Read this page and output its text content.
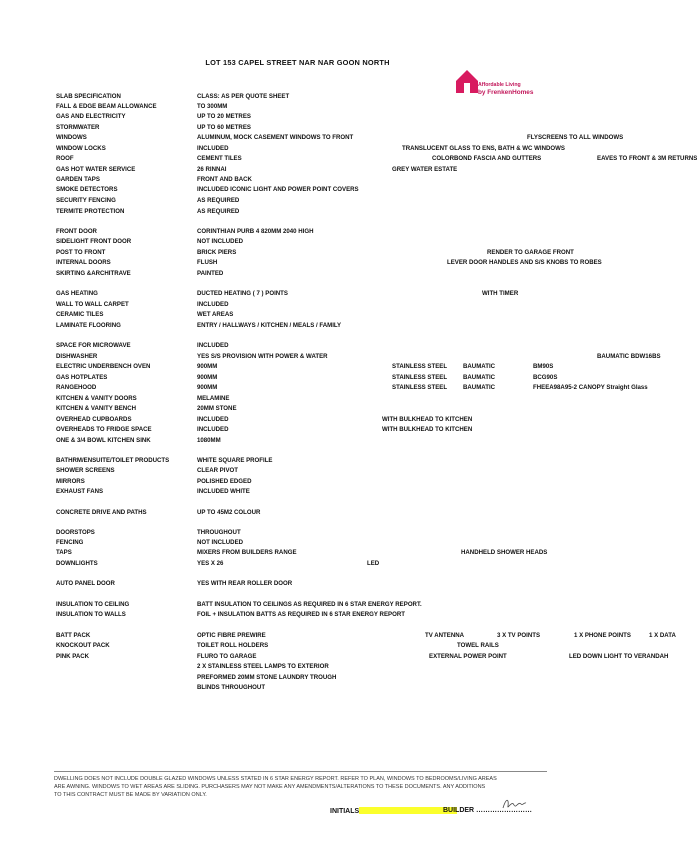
LOT 153 CAPEL STREET NAR NAR GOON NORTH
Affordable Living
by FrenkenHomes
SLAB SPECIFICATION	CLASS: AS PER QUOTE SHEET
FALL & EDGE BEAM ALLOWANCE	TO 300MM
GAS AND ELECTRICITY	UP TO 20 METRES
STORMWATER	UP TO 60 METRES
WINDOWS	ALUMINUM, MOCK CASEMENT WINDOWS TO FRONT	FLYSCREENS TO ALL WINDOWS
WINDOW LOCKS	INCLUDED	TRANSLUCENT GLASS TO ENS, BATH & WC WINDOWS
ROOF	CEMENT TILES	COLORBOND FASCIA AND GUTTERS	EAVES TO FRONT & 3M RETURNS
GAS HOT WATER SERVICE	26 RINNAI	GREY WATER ESTATE
GARDEN TAPS	FRONT AND BACK
SMOKE DETECTORS	INCLUDED ICONIC LIGHT AND POWER POINT COVERS
SECURITY FENCING	AS REQUIRED
TERMITE PROTECTION	AS REQUIRED
FRONT DOOR	CORINTHIAN PURB 4 820MM 2040 HIGH
SIDELIGHT FRONT DOOR	NOT INCLUDED
POST TO FRONT	BRICK PIERS	RENDER TO GARAGE FRONT
INTERNAL DOORS	FLUSH	LEVER DOOR HANDLES AND S/S KNOBS TO ROBES
SKIRTING &ARCHITRAVE	PAINTED
GAS HEATING	DUCTED HEATING ( 7 ) POINTS	WITH TIMER
WALL TO WALL CARPET	INCLUDED
CERAMIC TILES	WET AREAS
LAMINATE FLOORING	ENTRY / HALLWAYS / KITCHEN / MEALS / FAMILY
SPACE FOR MICROWAVE	INCLUDED
DISHWASHER	YES S/S PROVISION WITH POWER & WATER	BAUMATIC BDW16BS
ELECTRIC UNDERBENCH OVEN	900MM	STAINLESS STEEL	BAUMATIC	BM90S
GAS HOTPLATES	900MM	STAINLESS STEEL	BAUMATIC	BCG90S
RANGEHOOD	900MM	STAINLESS STEEL	BAUMATIC	FHEEA98A95-2 CANOPY Straight Glass
KITCHEN & VANITY DOORS	MELAMINE
KITCHEN & VANITY BENCH	20MM STONE
OVERHEAD CUPBOARDS	INCLUDED	WITH BULKHEAD TO KITCHEN
OVERHEADS TO FRIDGE SPACE	INCLUDED	WITH BULKHEAD TO KITCHEN
ONE & 3/4 BOWL KITCHEN SINK	1080MM
BATHRM/ENSUITE/TOILET PRODUCTS	WHITE SQUARE PROFILE
SHOWER SCREENS	CLEAR PIVOT
MIRRORS	POLISHED EDGED
EXHAUST FANS	INCLUDED WHITE
CONCRETE DRIVE AND PATHS	UP TO 45M2 COLOUR
DOORSTOPS	THROUGHOUT
FENCING	NOT INCLUDED
TAPS	MIXERS FROM BUILDERS RANGE	HANDHELD SHOWER HEADS
DOWNLIGHTS	YES X 26	LED
AUTO PANEL DOOR	YES WITH REAR ROLLER DOOR
INSULATION TO CEILING	BATT INSULATION TO CEILINGS AS REQUIRED IN 6 STAR ENERGY REPORT.
INSULATION TO WALLS	FOIL + INSULATION BATTS AS REQUIRED IN 6 STAR ENERGY REPORT
BATT PACK	OPTIC FIBRE PREWIRE	TV ANTENNA	3 X TV POINTS	1 X PHONE POINTS	1 X DATA
KNOCKOUT PACK	TOILET ROLL HOLDERS	TOWEL RAILS
PINK PACK	FLURO TO GARAGE	EXTERNAL POWER POINT	LED DOWN LIGHT TO VERANDAH
2 X STAINLESS STEEL LAMPS TO EXTERIOR
PREFORMED 20MM STONE LAUNDRY TROUGH
BLINDS THROUGHOUT
DWELLING DOES NOT INCLUDE DOUBLE GLAZED WINDOWS UNLESS STATED IN 6 STAR ENERGY REPORT. REFER TO PLAN, WINDOWS TO BEDROOMS/LIVING AREAS
ARE AWNING. WINDOWS TO WET AREAS ARE SLIDING. PURCHASERS MAY NOT MAKE ANY AMENDMENTS/ALTERATIONS TO THESE DOCUMENTS. ANY ADDITIONS
TO THIS CONTRACT MUST BE MADE BY VARIATION ONLY.
INITIALS	BUILDER ……………………
